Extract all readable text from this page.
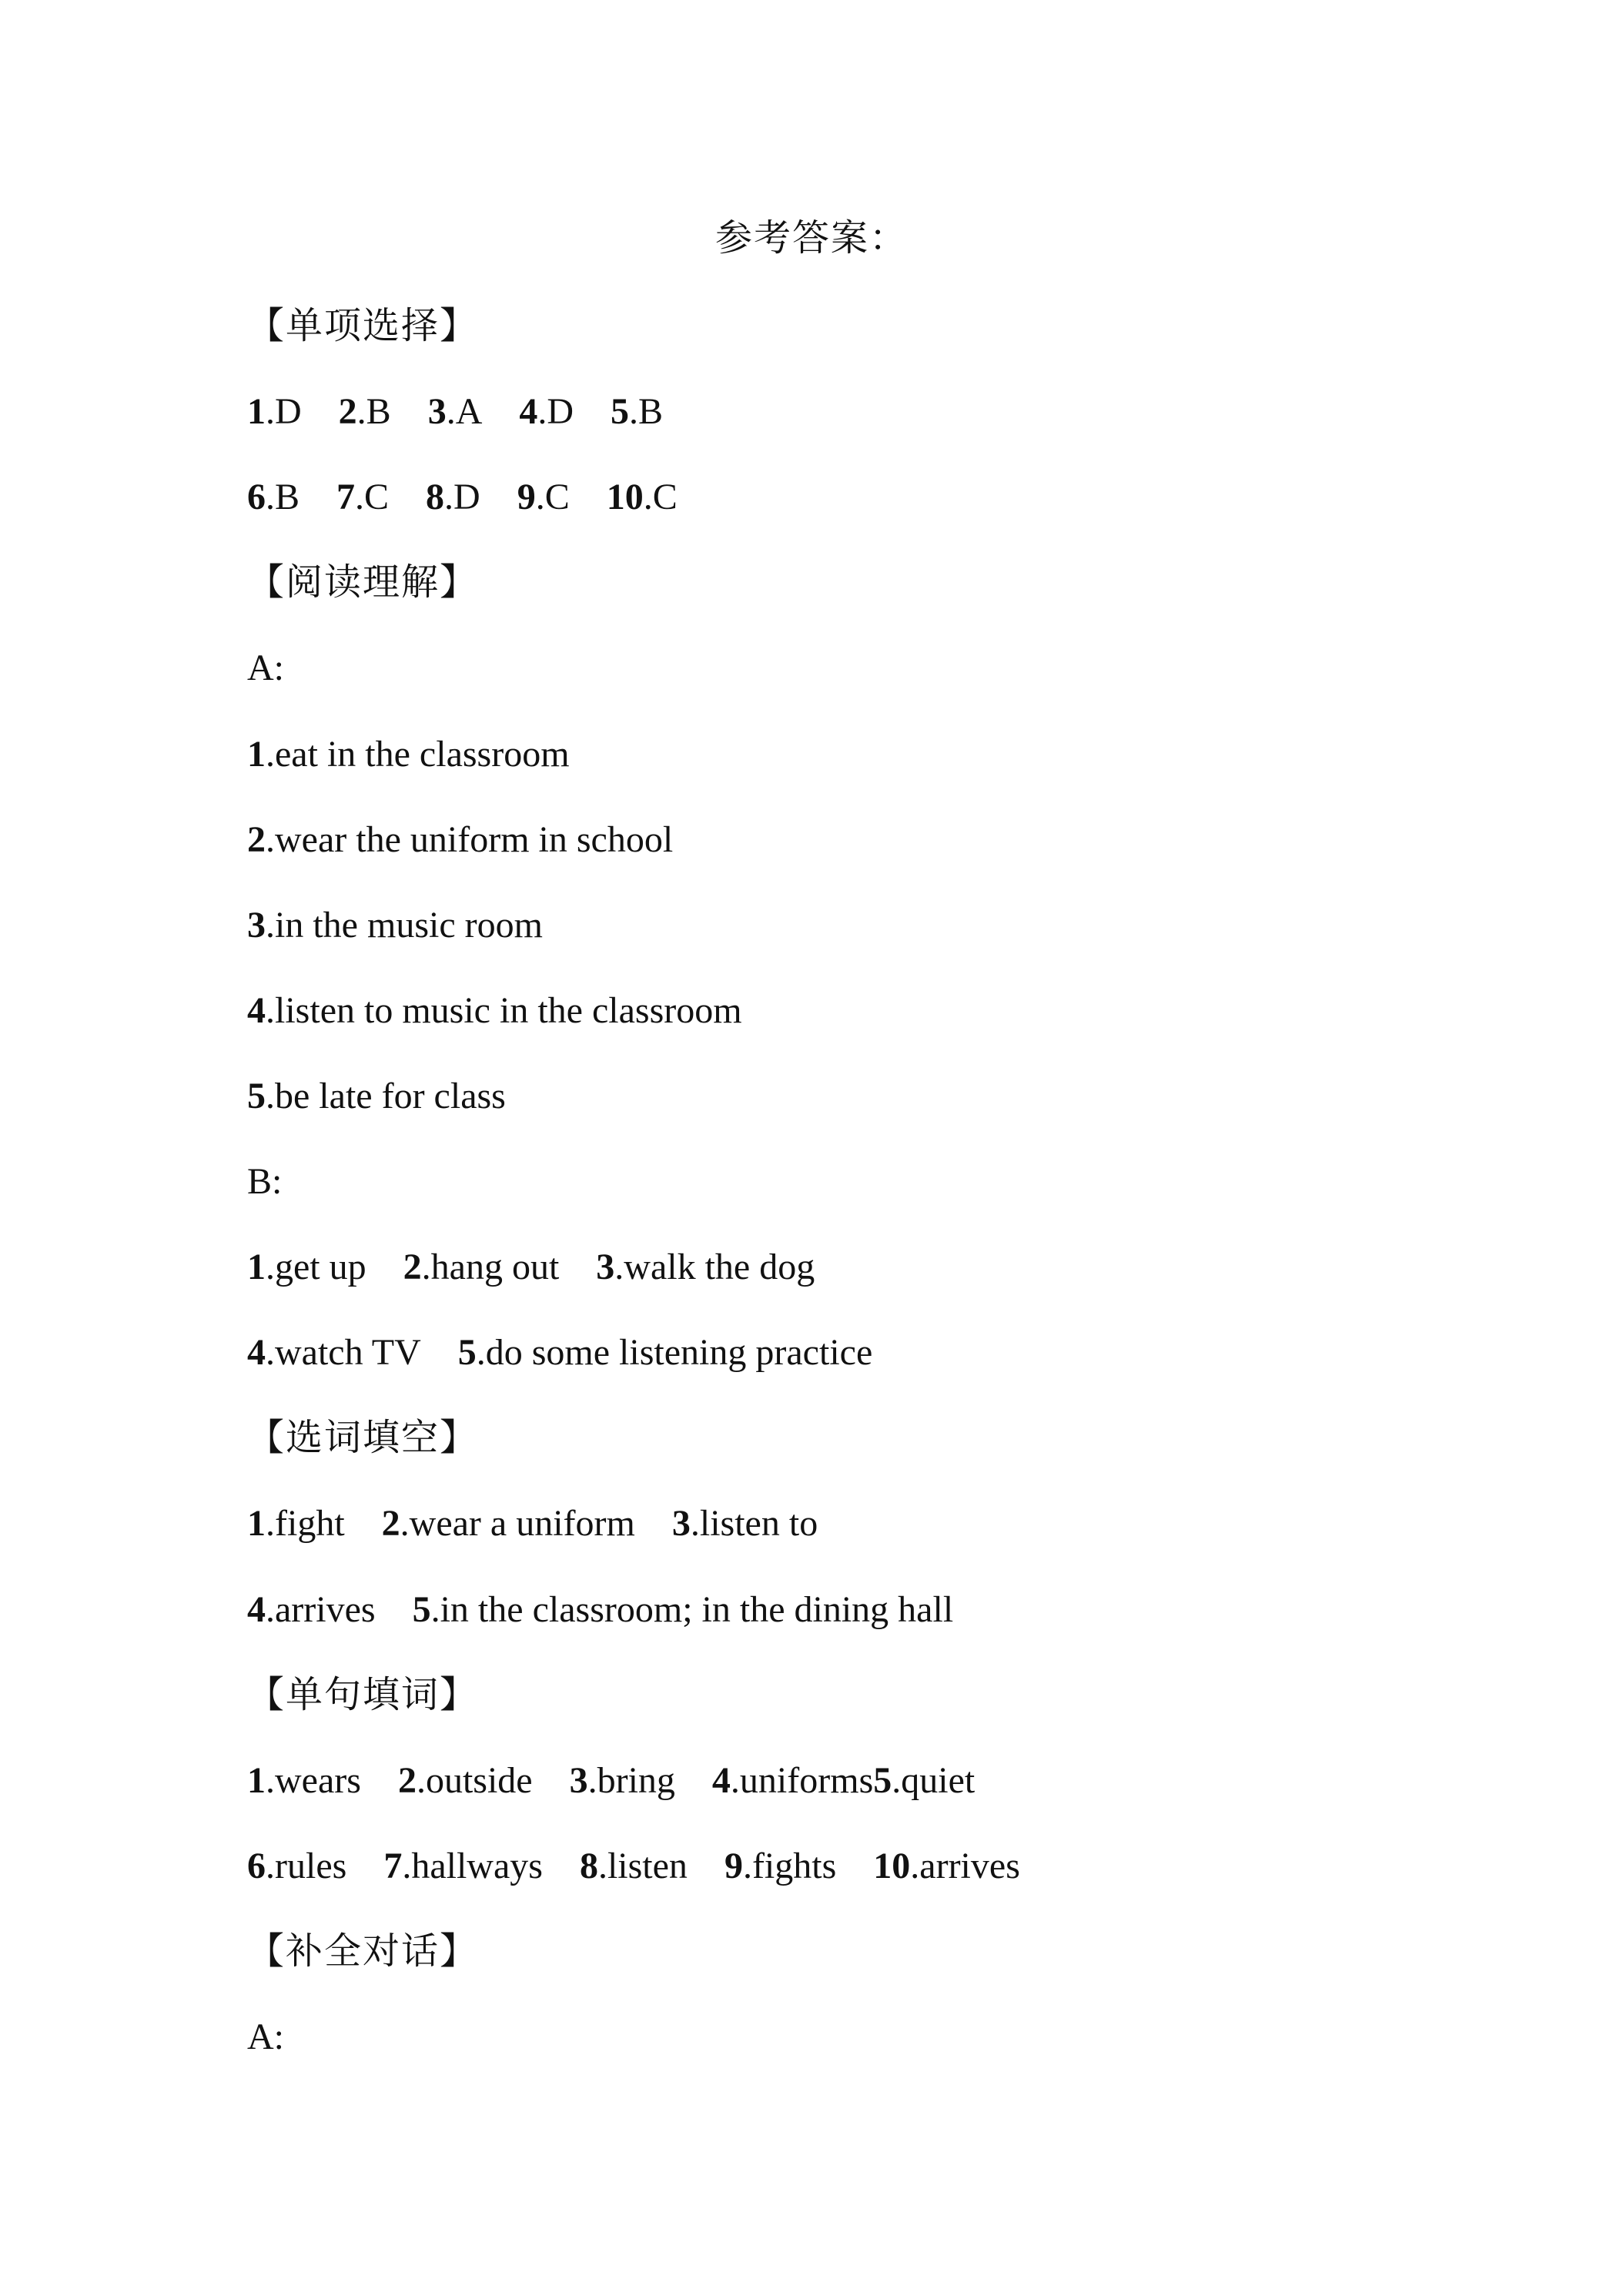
参考答案：
【单项选择】
1.D 2.B 3.A 4.D 5.B
6.B 7.C 8.D 9.C 10.C
【阅读理解】
A:
1.eat in the classroom
2.wear the uniform in school
3.in the music room
4.listen to music in the classroom
5.be late for class
B:
1.get up 2.hang out 3.walk the dog
4.watch TV 5.do some listening practice
【选词填空】
1.fight 2.wear a uniform 3.listen to
4.arrives 5.in the classroom; in the dining hall
【单句填词】
1.wears 2.outside 3.bring 4.uniforms5.quiet
6.rules 7.hallways 8.listen 9.fights 10.arrives
【补全对话】
A:
